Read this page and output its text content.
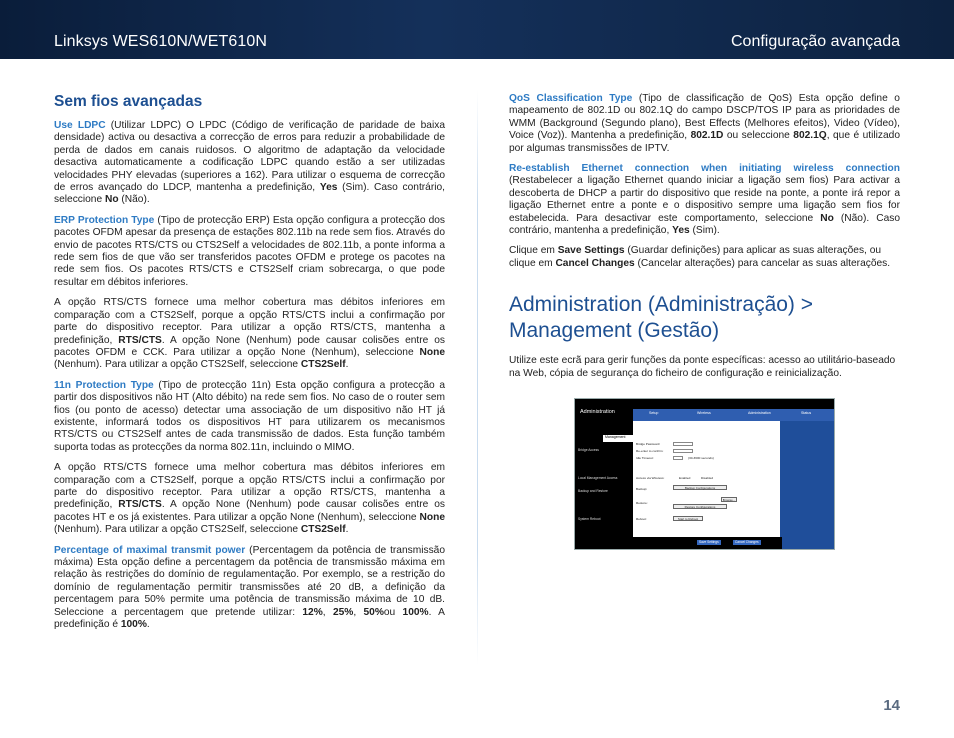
Linksys WES610N/WET610N	Configuração avançada
Sem fios avançadas

Use LDPC (Utilizar LDPC) O LPDC (Código de verificação de paridade de baixa densidade) activa ou desactiva a correcção de erros para reduzir a probabilidade de perda de dados em canais ruidosos. O algoritmo de adaptação da velocidade desactiva automaticamente a codificação LDPC quando estão a ser utilizadas velocidades PHY elevadas (superiores a 162). Para utilizar o esquema de correcção de erros avançado do LDCP, mantenha a predefinição, Yes (Sim). Caso contrário, seleccione No (Não).

ERP Protection Type (Tipo de protecção ERP) Esta opção configura a protecção dos pacotes OFDM apesar da presença de estações 802.11b na rede sem fios. Através do envio de pacotes RTS/CTS ou CTS2Self a velocidades de 802.11b, a ponte informa a rede sem fios de que vão ser transferidos pacotes OFDM e protege os pacotes na rede sem fios. Os pacotes RTS/CTS e CTS2Self criam sobrecarga, o que pode resultar em débitos inferiores.

A opção RTS/CTS fornece uma melhor cobertura mas débitos inferiores em comparação com a CTS2Self, porque a opção RTS/CTS inclui a confirmação por parte do dispositivo receptor. Para utilizar a opção RTS/CTS, mantenha a predefinição, RTS/CTS. A opção None (Nenhum) pode causar colisões entre os pacotes OFDM e CCK. Para utilizar a opção None (Nenhum), seleccione None (Nenhum). Para utilizar a opção CTS2Self, seleccione CTS2Self.

11n Protection Type (Tipo de protecção 11n) Esta opção configura a protecção a partir dos dispositivos não HT (Alto débito) na rede sem fios. No caso de o router sem fios (ou ponto de acesso) detectar uma associação de um dispositivo não HT já existente, informará todos os dispositivos HT para utilizarem os mecanismos RTS/CTS ou CTS2Self antes de cada transmissão de dados. Esta função também suporta todas as protecções da norma 802.11n, incluindo o MIMO.

A opção RTS/CTS fornece uma melhor cobertura mas débitos inferiores em comparação com a CTS2Self, porque a opção RTS/CTS inclui a confirmação por parte do dispositivo receptor. Para utilizar a opção RTS/CTS, mantenha a predefinição, RTS/CTS. A opção None (Nenhum) pode causar colisões entre os pacotes HT e os já existentes. Para utilizar a opção None (Nenhum), seleccione None (Nenhum). Para utilizar a opção CTS2Self, seleccione CTS2Self.

Percentage of maximal transmit power (Percentagem da potência de transmissão máxima) Esta opção define a percentagem da potência de transmissão máxima em relação às restrições do domínio de regulamentação. Por exemplo, se a restrição do domínio de regulamentação permitir transmissões até 20 dB, a definição da percentagem para 50% permite uma potência de transmissão máxima de 10 dB. Seleccione a percentagem que pretende utilizar: 12%, 25%, 50%ou 100%. A predefinição é 100%.

QoS Classification Type (Tipo de classificação de QoS) Esta opção define o mapeamento de 802.1D ou 802.1Q do campo DSCP/TOS IP para as prioridades de WMM (Background (Segundo plano), Best Effects (Melhores efeitos), Video (Vídeo), Voice (Voz)). Mantenha a predefinição, 802.1D ou seleccione 802.1Q, que é utilizado por algumas transmissões de IPTV.

Re-establish Ethernet connection when initiating wireless connection (Restabelecer a ligação Ethernet quando iniciar a ligação sem fios) Para activar a descoberta de DHCP a partir do dispositivo que reside na ponte, a ponte irá repor a ligação Ethernet entre a ponte e o dispositivo sempre uma ligação sem fios for estabelecida. Para desactivar este comportamento, seleccione No (Não). Caso contrário, mantenha a predefinição, Yes (Sim).

Clique em Save Settings (Guardar definições) para aplicar as suas alterações, ou clique em Cancel Changes (Cancelar alterações) para cancelar as suas alterações.

Administration (Administração) > Management (Gestão)

Utilize este ecrã para gerir funções da ponte específicas: acesso ao utilitário-baseado na Web, cópia de segurança do ficheiro de configuração e reinicialização.

Administration	Setup	Wireless	Administration	Status
Management
Bridge Access
Local Management Access
Backup and Restore
System Reboot
Bridge Password:
Re-enter to confirm:
Idle Timeout:	(30-3600 seconds)
Access via Wireless:	Enabled	Disabled
Backup:	Backup Configurations
Restore:
Browse...
Restore Configurations
Reboot:	Start to Reboot
Save Settings	Cancel Changes
14
